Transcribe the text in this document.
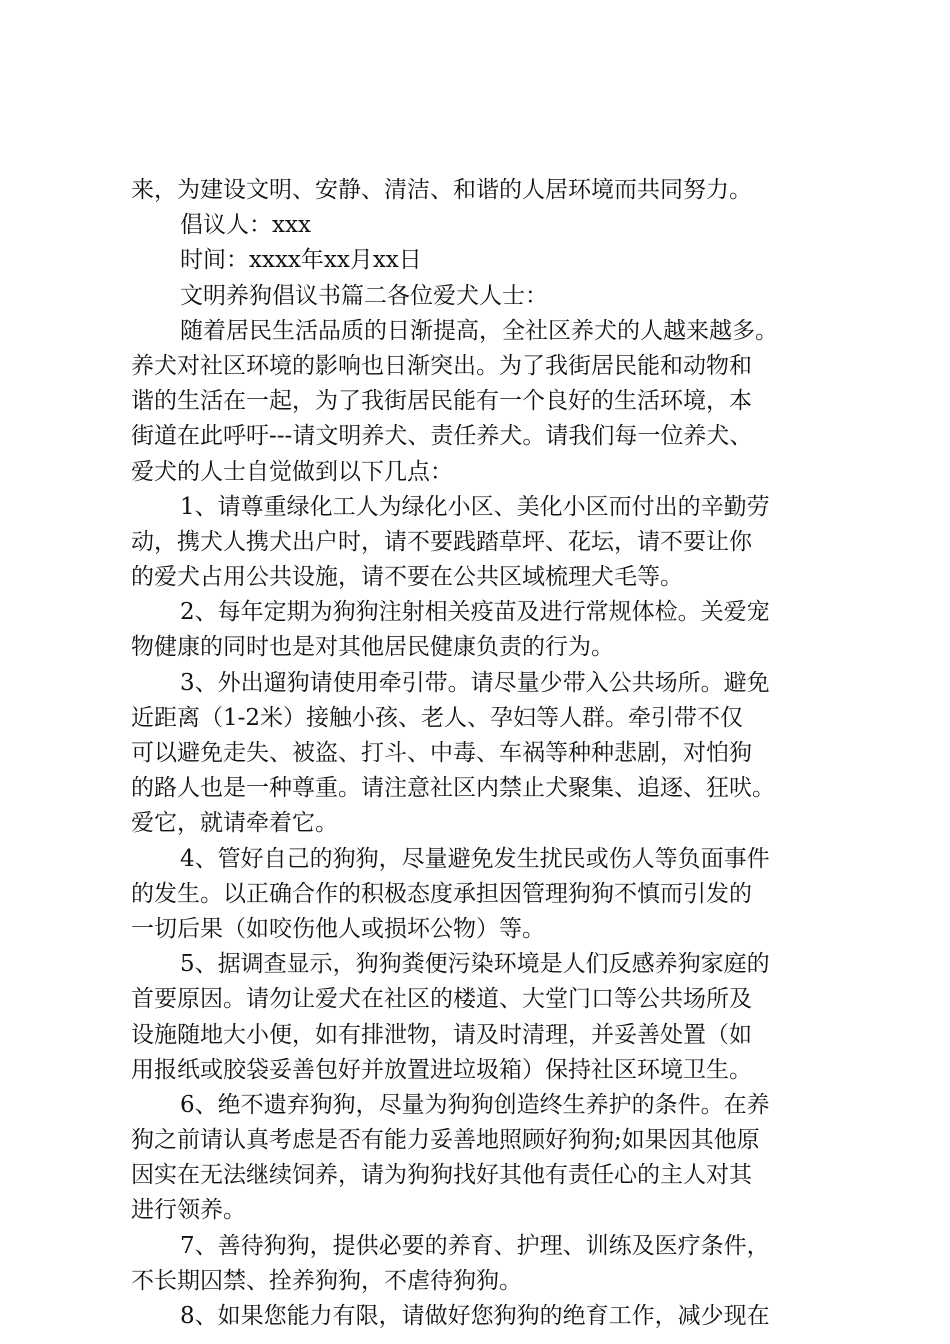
来，为建设文明、安静、清洁、和谐的人居环境而共同努力。
倡议人：xxx
时间：xxxx年xx月xx日
文明养狗倡议书篇二各位爱犬人士：
随着居民生活品质的日渐提高，全社区养犬的人越来越多。
养犬对社区环境的影响也日渐突出。为了我街居民能和动物和
谐的生活在一起，为了我街居民能有一个良好的生活环境，本
街道在此呼吁---请文明养犬、责任养犬。请我们每一位养犬、
爱犬的人士自觉做到以下几点：
1、请尊重绿化工人为绿化小区、美化小区而付出的辛勤劳
动，携犬人携犬出户时，请不要践踏草坪、花坛，请不要让你
的爱犬占用公共设施，请不要在公共区域梳理犬毛等。
2、每年定期为狗狗注射相关疫苗及进行常规体检。关爱宠
物健康的同时也是对其他居民健康负责的行为。
3、外出遛狗请使用牵引带。请尽量少带入公共场所。避免
近距离（1-2米）接触小孩、老人、孕妇等人群。牵引带不仅
可以避免走失、被盗、打斗、中毒、车祸等种种悲剧，对怕狗
的路人也是一种尊重。请注意社区内禁止犬聚集、追逐、狂吠。
爱它，就请牵着它。
4、管好自己的狗狗，尽量避免发生扰民或伤人等负面事件
的发生。以正确合作的积极态度承担因管理狗狗不慎而引发的
一切后果（如咬伤他人或损坏公物）等。
5、据调查显示，狗狗粪便污染环境是人们反感养狗家庭的
首要原因。请勿让爱犬在社区的楼道、大堂门口等公共场所及
设施随地大小便，如有排泄物，请及时清理，并妥善处置（如
用报纸或胶袋妥善包好并放置进垃圾箱）保持社区环境卫生。
6、绝不遗弃狗狗，尽量为狗狗创造终生养护的条件。在养
狗之前请认真考虑是否有能力妥善地照顾好狗狗;如果因其他原
因实在无法继续饲养，请为狗狗找好其他有责任心的主人对其
进行领养。
7、善待狗狗，提供必要的养育、护理、训练及医疗条件，
不长期囚禁、拴养狗狗，不虐待狗狗。
8、如果您能力有限，请做好您狗狗的绝育工作，减少现在
